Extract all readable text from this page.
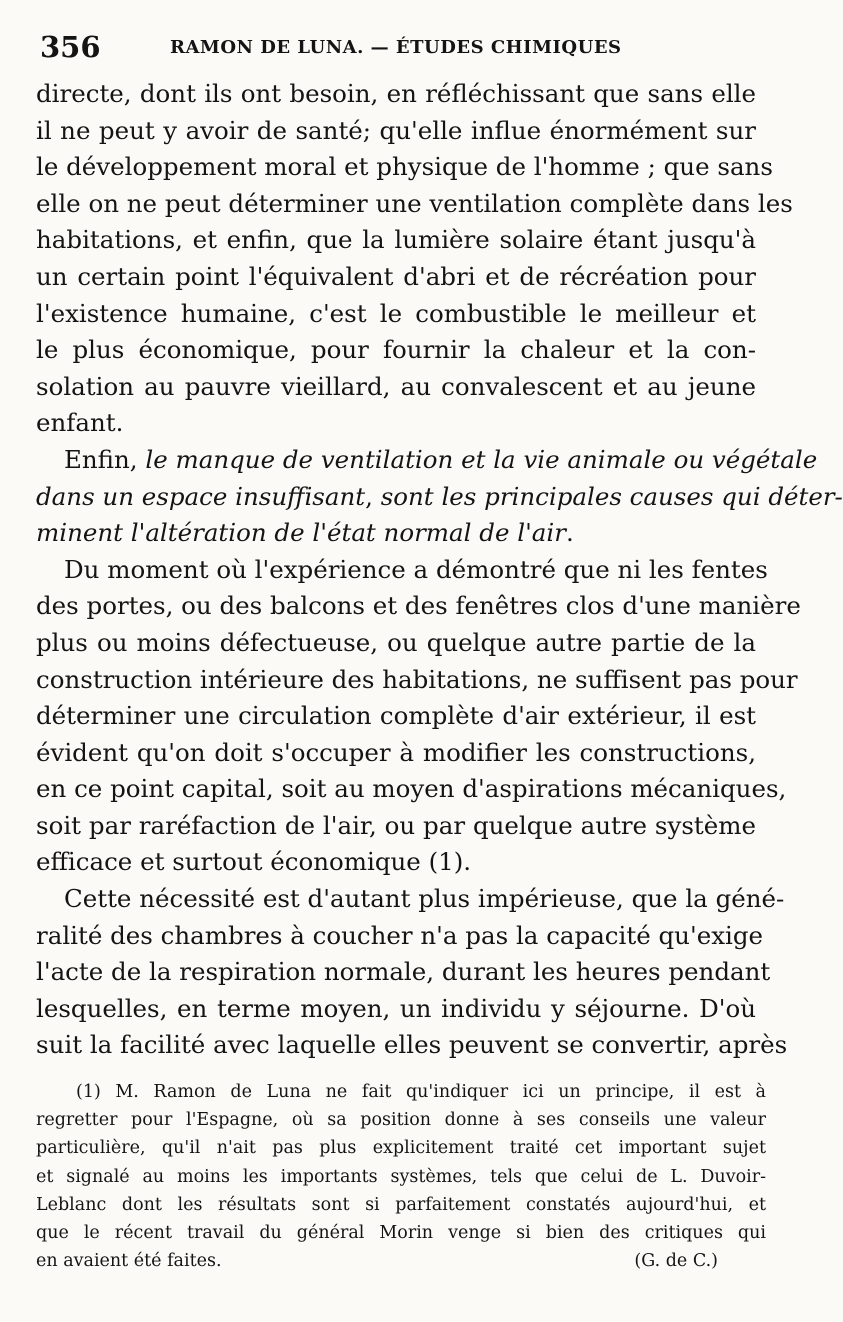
356	RAMON DE LUNA. — ÉTUDES CHIMIQUES
directe, dont ils ont besoin, en réfléchissant que sans elle
il ne peut y avoir de santé; qu'elle influe énormément sur
le développement moral et physique de l'homme ; que sans
elle on ne peut déterminer une ventilation complète dans les
habitations, et enfin, que la lumière solaire étant jusqu'à
un certain point l'équivalent d'abri et de récréation pour
l'existence humaine, c'est le combustible le meilleur et
le plus économique, pour fournir la chaleur et la con-
solation au pauvre vieillard, au convalescent et au jeune
enfant.
Enfin, le manque de ventilation et la vie animale ou végétale
dans un espace insuffisant, sont les principales causes qui déter-
minent l'altération de l'état normal de l'air.
Du moment où l'expérience a démontré que ni les fentes
des portes, ou des balcons et des fenêtres clos d'une manière
plus ou moins défectueuse, ou quelque autre partie de la
construction intérieure des habitations, ne suffisent pas pour
déterminer une circulation complète d'air extérieur, il est
évident qu'on doit s'occuper à modifier les constructions,
en ce point capital, soit au moyen d'aspirations mécaniques,
soit par raréfaction de l'air, ou par quelque autre système
efficace et surtout économique (1).
Cette nécessité est d'autant plus impérieuse, que la géné-
ralité des chambres à coucher n'a pas la capacité qu'exige
l'acte de la respiration normale, durant les heures pendant
lesquelles, en terme moyen, un individu y séjourne. D'où
suit la facilité avec laquelle elles peuvent se convertir, après
(1) M. Ramon de Luna ne fait qu'indiquer ici un principe, il est à
regretter pour l'Espagne, où sa position donne à ses conseils une valeur
particulière, qu'il n'ait pas plus explicitement traité cet important sujet
et signalé au moins les importants systèmes, tels que celui de L. Duvoir-
Leblanc dont les résultats sont si parfaitement constatés aujourd'hui, et
que le récent travail du général Morin venge si bien des critiques qui
en avaient été faites.	(G. de C.)
